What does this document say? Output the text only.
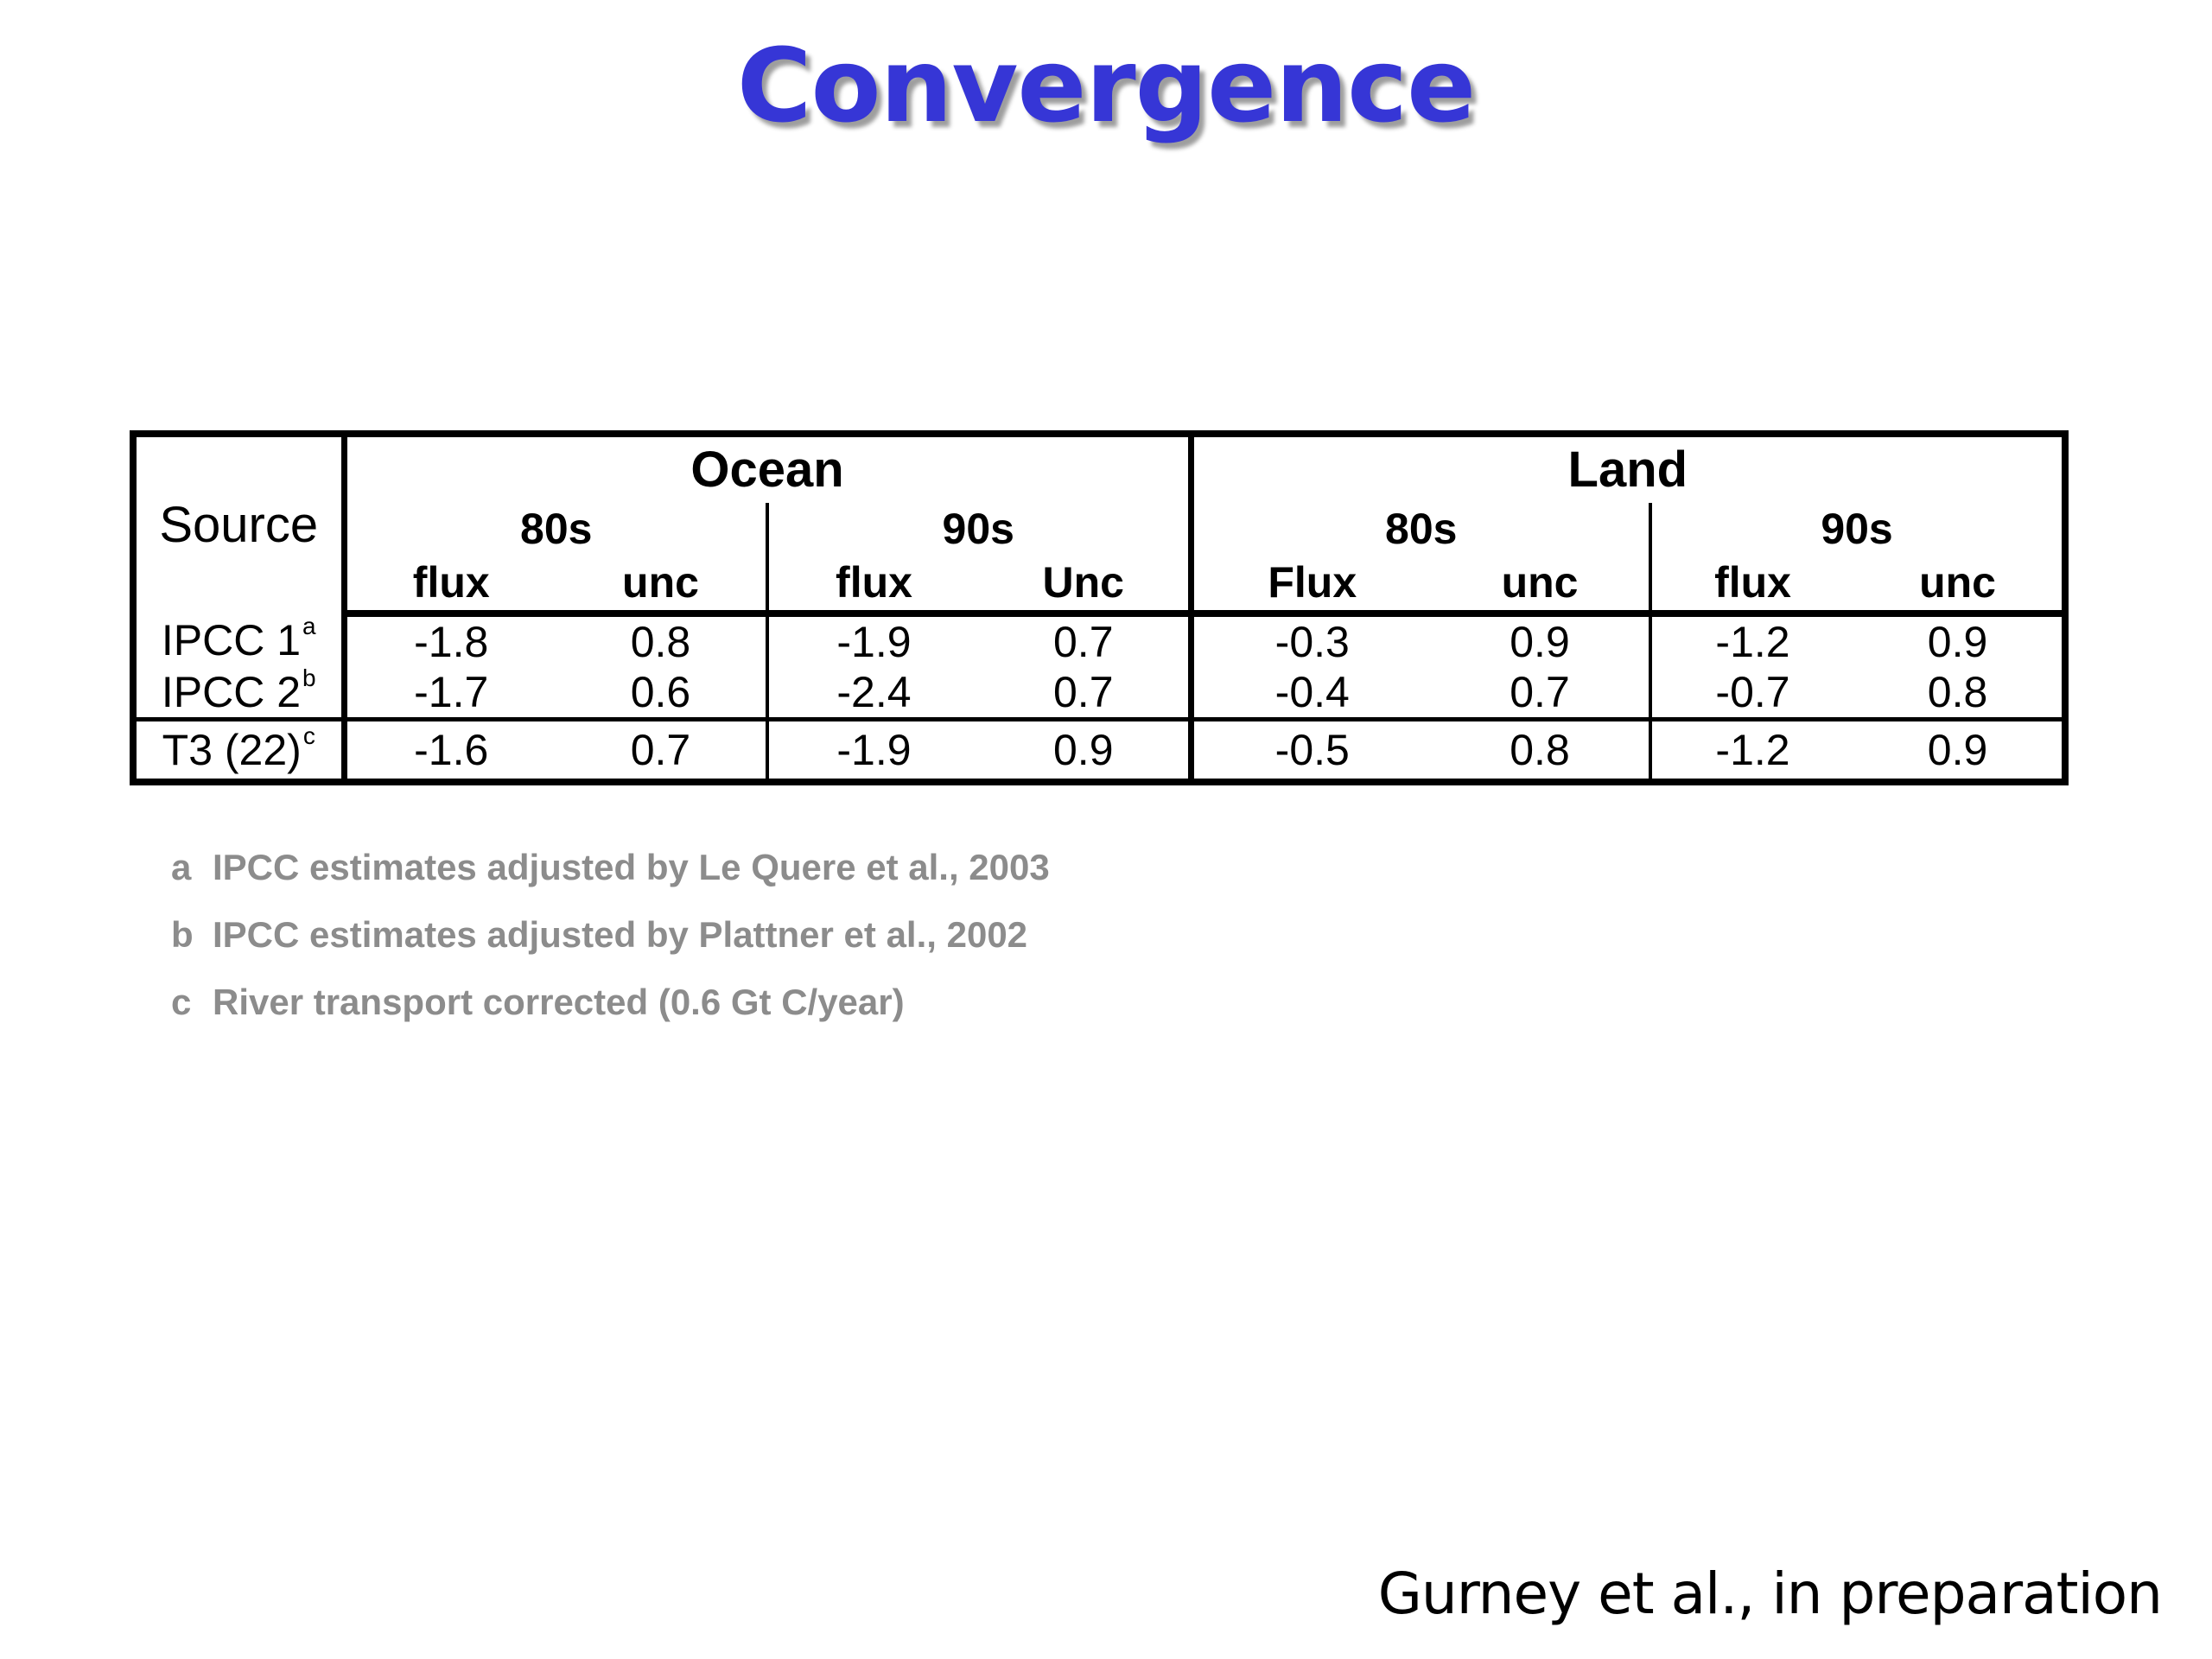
Convergence
Source	Ocean				Land			
	80s		90s		80s		90s	
	flux	unc	flux	Unc	Flux	unc	flux	unc
IPCC 1$^a$	-1.8	0.8	-1.9	0.7	-0.3	0.9	-1.2	0.9
IPCC 2$^b$	-1.7	0.6	-2.4	0.7	-0.4	0.7	-0.7	0.8
T3 $(22)^c$	-1.6	0.7	-1.9	0.9	-0.5	0.8	-1.2	0.9
a IPCC estimates adjusted by Le Quere et al., 2003
b IPCC estimates adjusted by Plattner et al., 2002
c River transport corrected (0.6 Gt C/year)
Gurney et al., in preparation
